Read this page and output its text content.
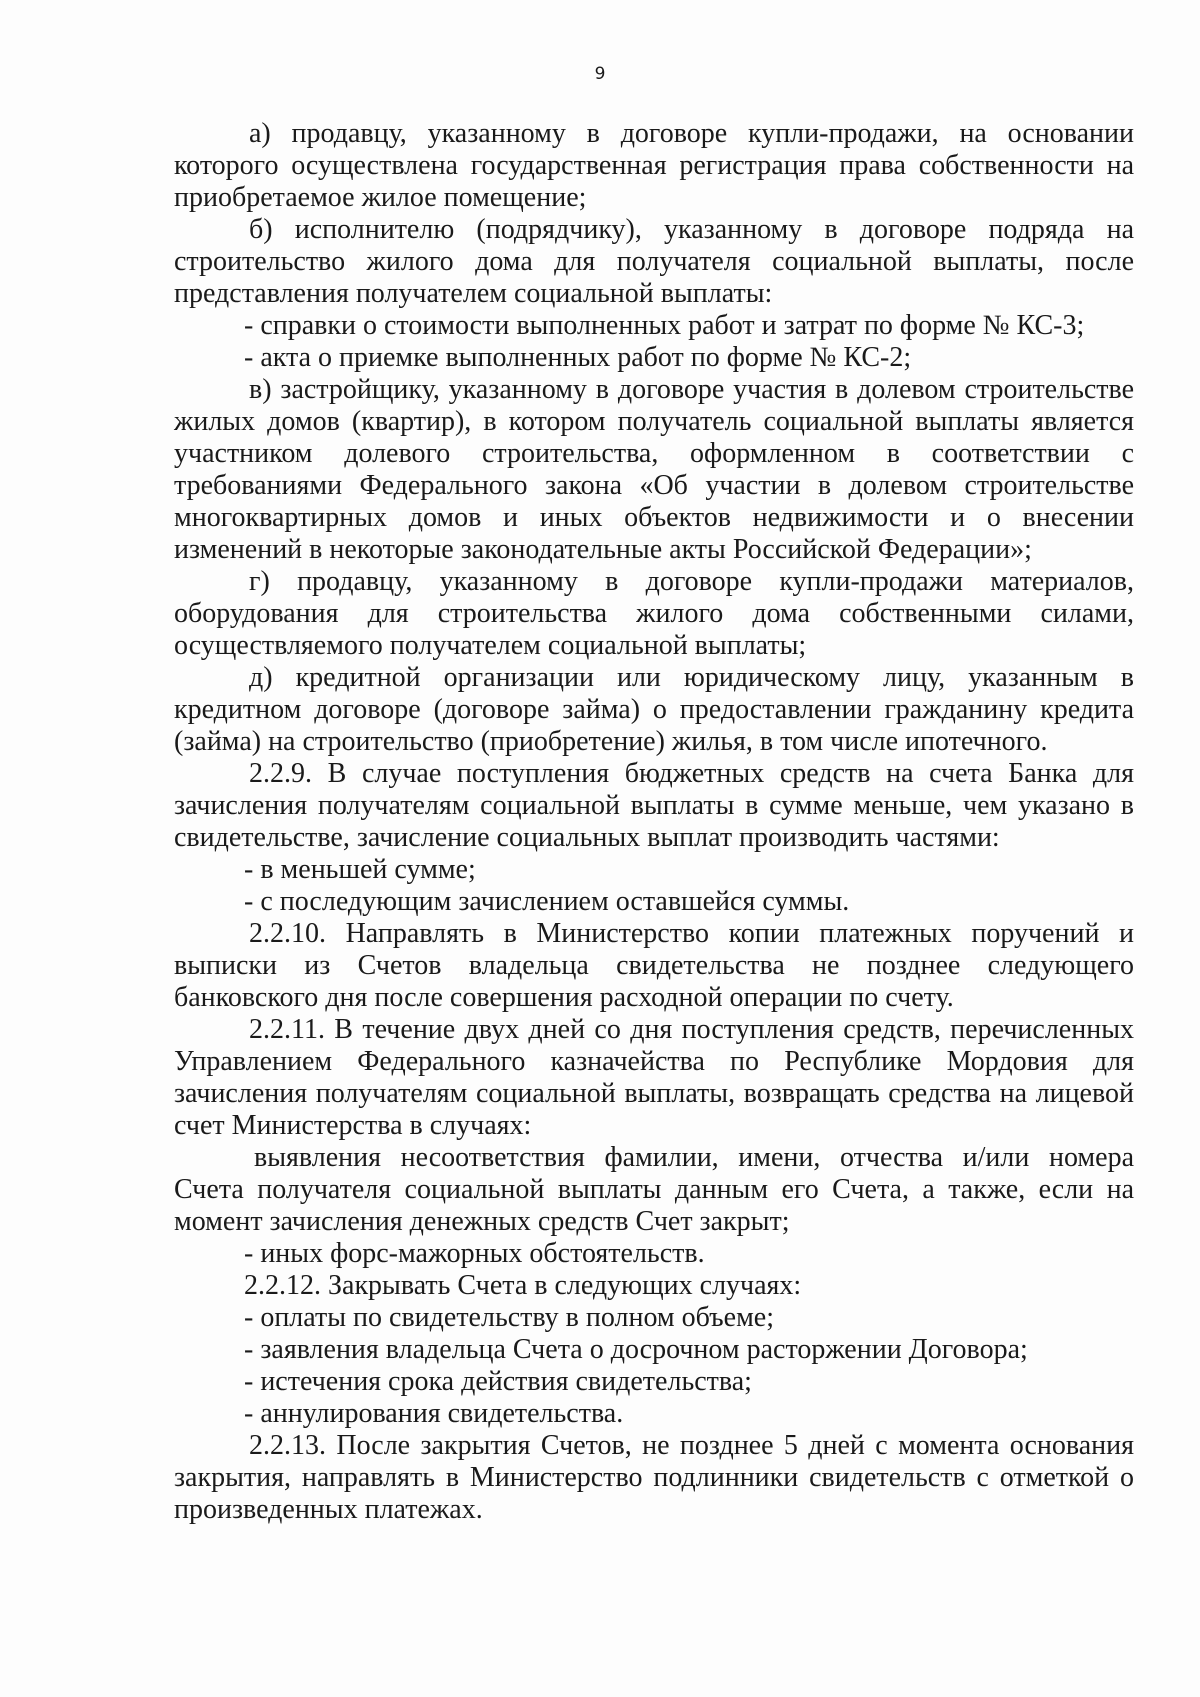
9

а) продавцу, указанному в договоре купли-продажи, на основании которого осуществлена государственная регистрация права собственности на приобретаемое жилое помещение;

б) исполнителю (подрядчику), указанному в договоре подряда на строительство жилого дома для получателя социальной выплаты, после представления получателем социальной выплаты:

- справки о стоимости выполненных работ и затрат по форме № КС-3;

- акта о приемке выполненных работ по форме № КС-2;

в) застройщику, указанному в договоре участия в долевом строительстве жилых домов (квартир), в котором получатель социальной выплаты является участником долевого строительства, оформленном в соответствии с требованиями Федерального закона «Об участии в долевом строительстве многоквартирных домов и иных объектов недвижимости и о внесении изменений в некоторые законодательные акты Российской Федерации»;

г) продавцу, указанному в договоре купли-продажи материалов, оборудования для строительства жилого дома собственными силами, осуществляемого получателем социальной выплаты;

д) кредитной организации или юридическому лицу, указанным в кредитном договоре (договоре займа) о предоставлении гражданину кредита (займа) на строительство (приобретение) жилья, в том числе ипотечного.

2.2.9. В случае поступления бюджетных средств на счета Банка для зачисления получателям социальной выплаты в сумме меньше, чем указано в свидетельстве, зачисление социальных выплат производить частями:

- в меньшей сумме;

- с последующим зачислением оставшейся суммы.

2.2.10. Направлять в Министерство копии платежных поручений и выписки из Счетов владельца свидетельства не позднее следующего банковского дня после совершения расходной операции по счету.

2.2.11. В течение двух дней со дня поступления средств, перечисленных Управлением Федерального казначейства по Республике Мордовия для зачисления получателям социальной выплаты, возвращать средства на лицевой счет Министерства в случаях:

выявления несоответствия фамилии, имени, отчества и/или номера Счета получателя социальной выплаты данным его Счета, а также, если на момент зачисления денежных средств Счет закрыт;

- иных форс-мажорных обстоятельств.

2.2.12. Закрывать Счета в следующих случаях:

- оплаты по свидетельству в полном объеме;

- заявления владельца Счета о досрочном расторжении Договора;

- истечения срока действия свидетельства;

- аннулирования свидетельства.

2.2.13. После закрытия Счетов, не позднее 5 дней с момента основания закрытия, направлять в Министерство подлинники свидетельств с отметкой о произведенных платежах.
